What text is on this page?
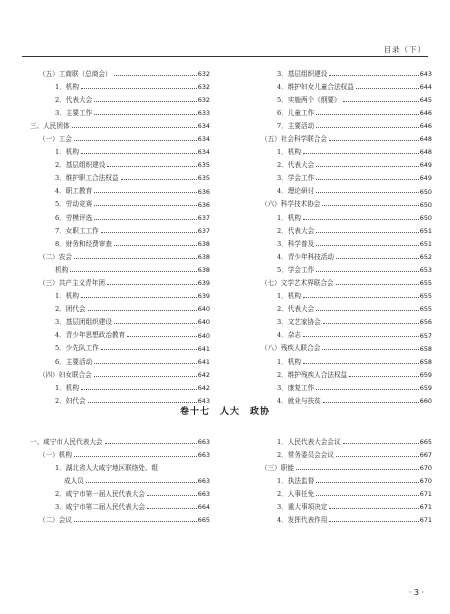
目录（下）
（五）工商联（总商会）	632
1．机构	632
2．代表大会	632
3．主要工作	633
三、人民团体	634
（一）工会	634
1．机构	634
2．基层组织建设	635
3．维护职工合法权益	635
4．职工教育	636
5．劳动竞赛	636
6．劳模评选	637
7．女职工工作	637
8．财务和经费审查	638
（二）农会	638
机构	638
（三）共产主义青年团	639
1．机构	639
2．团代会	640
3．基层团组织建设	640
4．青少年思想政治教育	640
5．少先队工作	641
6．主要活动	641
（四）妇女联合会	642
1．机构	642
2．妇代会	643
3．基层组织建设	643
4．维护妇女儿童合法权益	644
5．实施两个《纲要》	645
6．儿童工作	646
7．主要活动	646
（五）社会科学联合会	648
1．机构	648
2．代表大会	649
3．学会工作	649
4．理论研讨	650
（六）科学技术协会	650
1．机构	650
2．代表大会	651
3．科学普及	651
4．青少年科技活动	652
5．学会工作	653
（七）文学艺术界联合会	655
1．机构	655
2．代表大会	655
3．文艺家协会	656
4．杂志	657
（八）残疾人联合会	658
1．机构	658
2．维护残疾人合法权益	659
3．康复工作	659
4．就业与扶贫	660
卷十七　人大　政协
一、咸宁市人民代表大会	663
（一）机构	663
1．湖北省人大咸宁地区联络处、组
成人员	663
2．咸宁市第一届人民代表大会	663
3．咸宁市第二届人民代表大会	664
（二）会议	665
1．人民代表大会会议	665
2．常务委员会会议	667
（三）职能	670
1．执法监督	670
2．人事任免	671
3．重大事项决定	671
4．发挥代表作用	671
· 3 ·
